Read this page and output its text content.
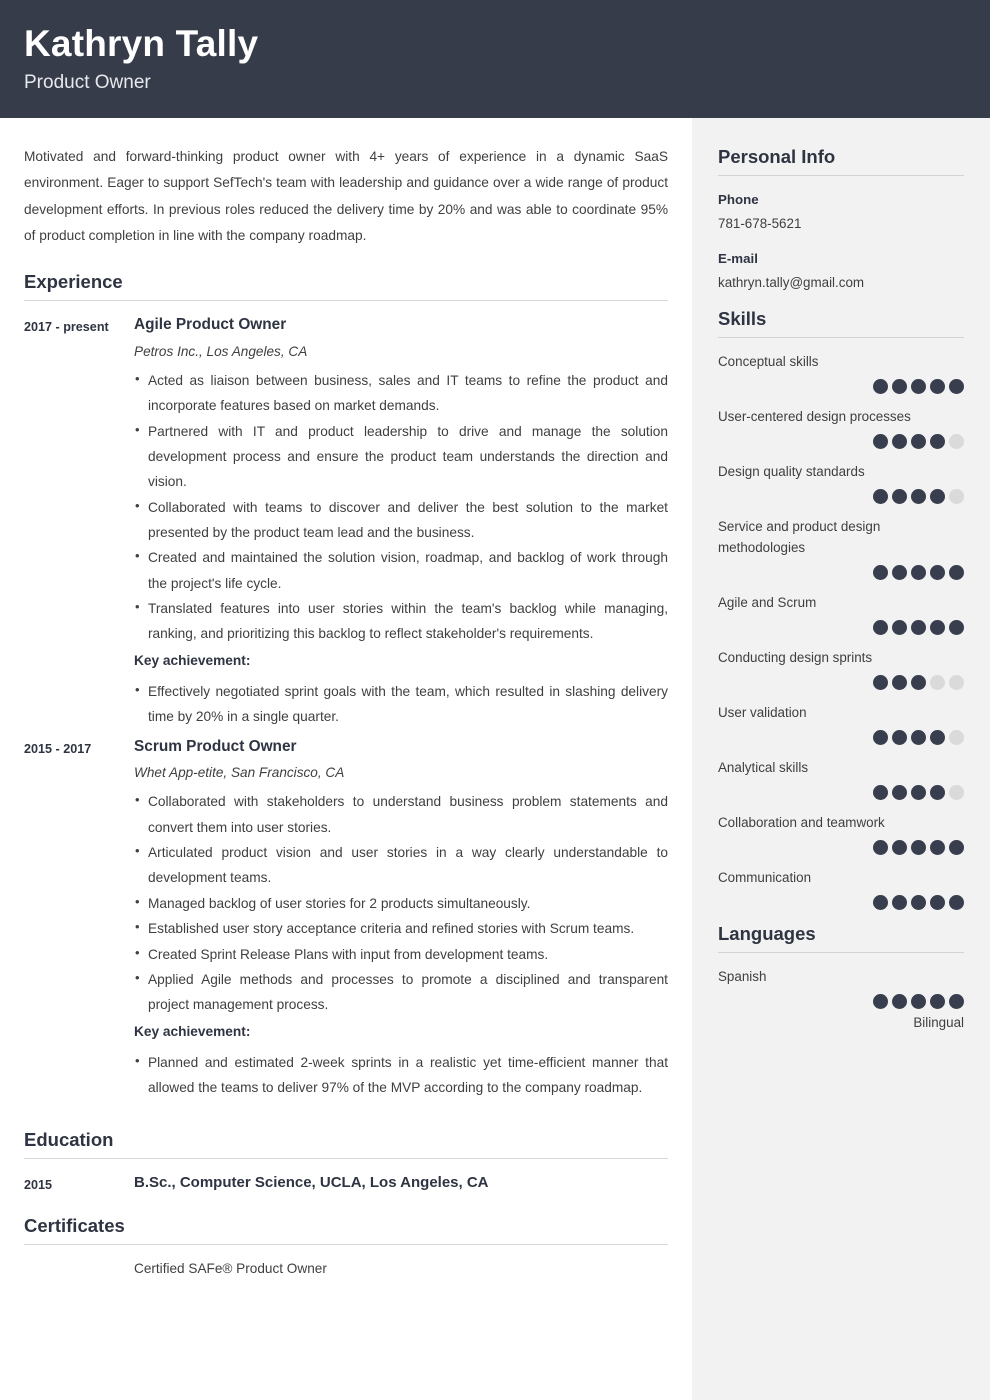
Kathryn Tally
Product Owner
Motivated and forward-thinking product owner with 4+ years of experience in a dynamic SaaS environment. Eager to support SefTech's team with leadership and guidance over a wide range of product development efforts. In previous roles reduced the delivery time by 20% and was able to coordinate 95% of product completion in line with the company roadmap.
Experience
2017 - present	Agile Product Owner
Petros Inc., Los Angeles, CA
• Acted as liaison between business, sales and IT teams to refine the product and incorporate features based on market demands.
• Partnered with IT and product leadership to drive and manage the solution development process and ensure the product team understands the direction and vision.
• Collaborated with teams to discover and deliver the best solution to the market presented by the product team lead and the business.
• Created and maintained the solution vision, roadmap, and backlog of work through the project's life cycle.
• Translated features into user stories within the team's backlog while managing, ranking, and prioritizing this backlog to reflect stakeholder's requirements.
Key achievement:
• Effectively negotiated sprint goals with the team, which resulted in slashing delivery time by 20% in a single quarter.
2015 - 2017	Scrum Product Owner
Whet App-etite, San Francisco, CA
• Collaborated with stakeholders to understand business problem statements and convert them into user stories.
• Articulated product vision and user stories in a way clearly understandable to development teams.
• Managed backlog of user stories for 2 products simultaneously.
• Established user story acceptance criteria and refined stories with Scrum teams.
• Created Sprint Release Plans with input from development teams.
• Applied Agile methods and processes to promote a disciplined and transparent project management process.
Key achievement:
• Planned and estimated 2-week sprints in a realistic yet time-efficient manner that allowed the teams to deliver 97% of the MVP according to the company roadmap.
Education
2015	B.Sc., Computer Science, UCLA, Los Angeles, CA
Certificates
Certified SAFe® Product Owner
Personal Info
Phone
781-678-5621
E-mail
kathryn.tally@gmail.com
Skills
Conceptual skills
User-centered design processes
Design quality standards
Service and product design methodologies
Agile and Scrum
Conducting design sprints
User validation
Analytical skills
Collaboration and teamwork
Communication
Languages
Spanish
Bilingual
